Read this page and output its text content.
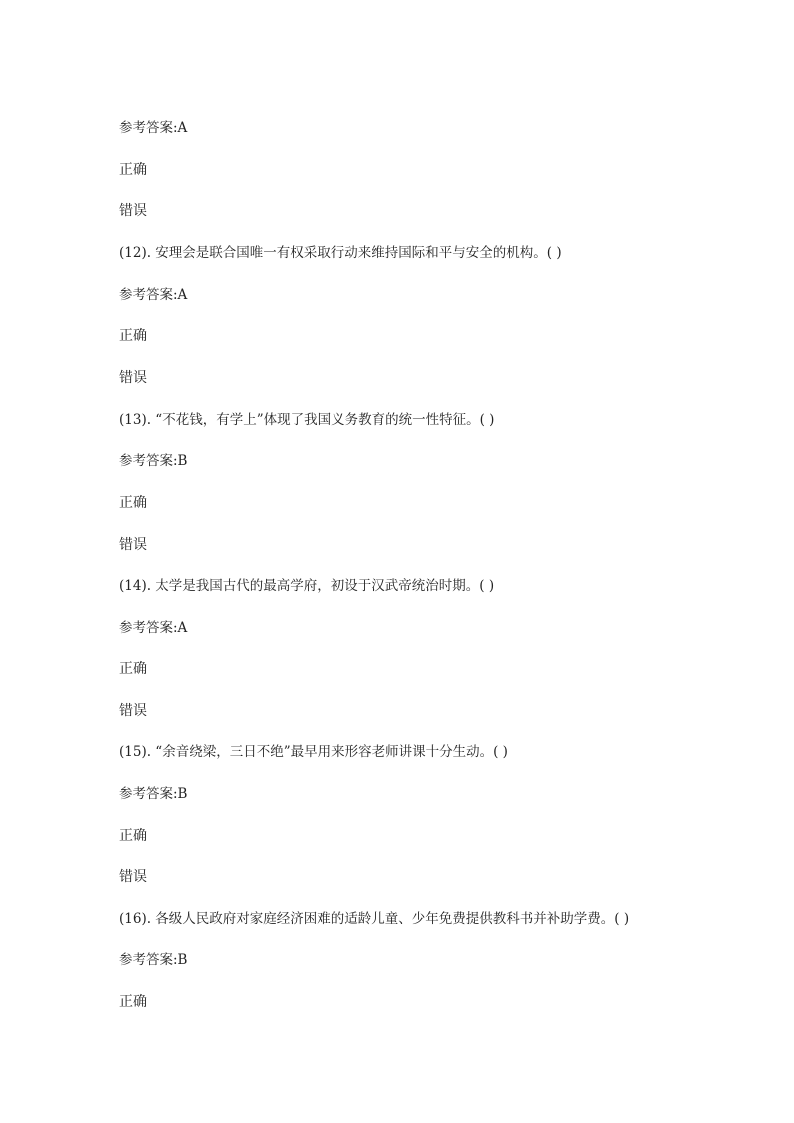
参考答案:A
正确
错误
(12). 安理会是联合国唯一有权采取行动来维持国际和平与安全的机构。( )
参考答案:A
正确
错误
(13). “不花钱，有学上”体现了我国义务教育的统一性特征。( )
参考答案:B
正确
错误
(14). 太学是我国古代的最高学府，初设于汉武帝统治时期。( )
参考答案:A
正确
错误
(15). “余音绕梁，三日不绝”最早用来形容老师讲课十分生动。( )
参考答案:B
正确
错误
(16). 各级人民政府对家庭经济困难的适龄儿童、少年免费提供教科书并补助学费。( )
参考答案:B
正确
